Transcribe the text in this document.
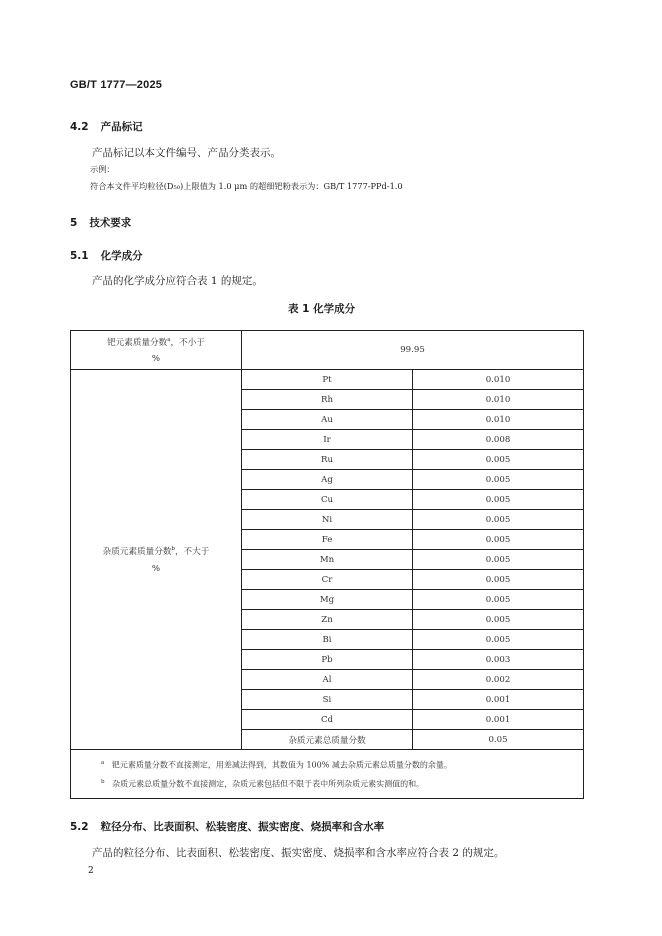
GB/T 1777—2025
4.2 产品标记
产品标记以本文件编号、产品分类表示。
示例：
符合本文件平均粒径(D₅₀)上限值为 1.0 μm 的超细钯粉表示为：GB/T 1777-PPd-1.0
5 技术要求
5.1 化学成分
产品的化学成分应符合表 1 的规定。
表 1 化学成分
钯元素质量分数$^a$，不小于
%	99.95	
杂质元素质量分数$^b$，不大于
%	Pt	0.010
	Rh	0.010
	Au	0.010
	Ir	0.008
	Ru	0.005
	Ag	0.005
	Cu	0.005
	Ni	0.005
	Fe	0.005
	Mn	0.005
	Cr	0.005
	Mg	0.005
	Zn	0.005
	Bi	0.005
	Pb	0.003
	Al	0.002
	Si	0.001
	Cd	0.001
	杂质元素总质量分数	0.05

$^a$ 钯元素质量分数不直接测定，用差减法得到，其数值为 100% 减去杂质元素总质量分数的余量。
$^b$ 杂质元素总质量分数不直接测定，杂质元素包括但不限于表中所列杂质元素实测值的和。		
5.2 粒径分布、比表面积、松装密度、振实密度、烧损率和含水率
产品的粒径分布、比表面积、松装密度、振实密度、烧损率和含水率应符合表 2 的规定。
2
